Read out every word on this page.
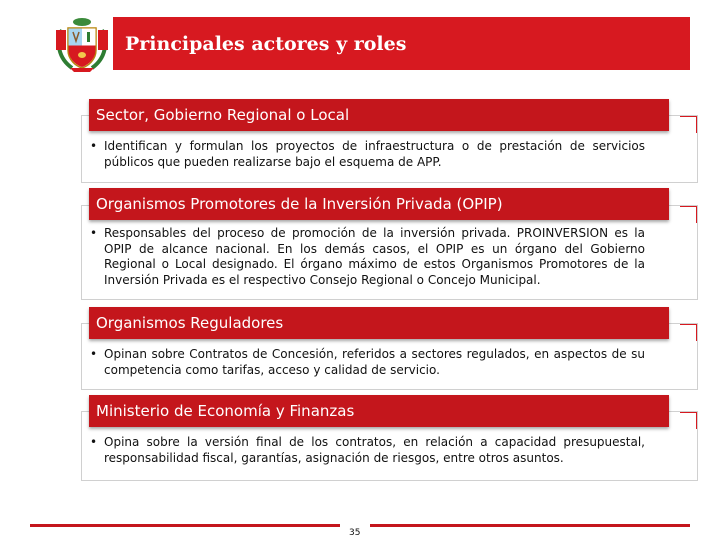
Principales actores y roles
Sector, Gobierno Regional o Local
• Identifican y formulan los proyectos de infraestructura o de prestación de servicios públicos que pueden realizarse bajo el esquema de APP.
Organismos Promotores de la Inversión Privada (OPIP)
• Responsables del proceso de promoción de la inversión privada. PROINVERSION es la OPIP de alcance nacional. En los demás casos, el OPIP es un órgano del Gobierno Regional o Local designado. El órgano máximo de estos Organismos Promotores de la Inversión Privada es el respectivo Consejo Regional o Concejo Municipal.
Organismos Reguladores
• Opinan sobre Contratos de Concesión, referidos a sectores regulados, en aspectos de su competencia como tarifas, acceso y calidad de servicio.
Ministerio de Economía y Finanzas
• Opina sobre la versión final de los contratos, en relación a capacidad presupuestal, responsabilidad fiscal, garantías, asignación de riesgos, entre otros asuntos.
35
